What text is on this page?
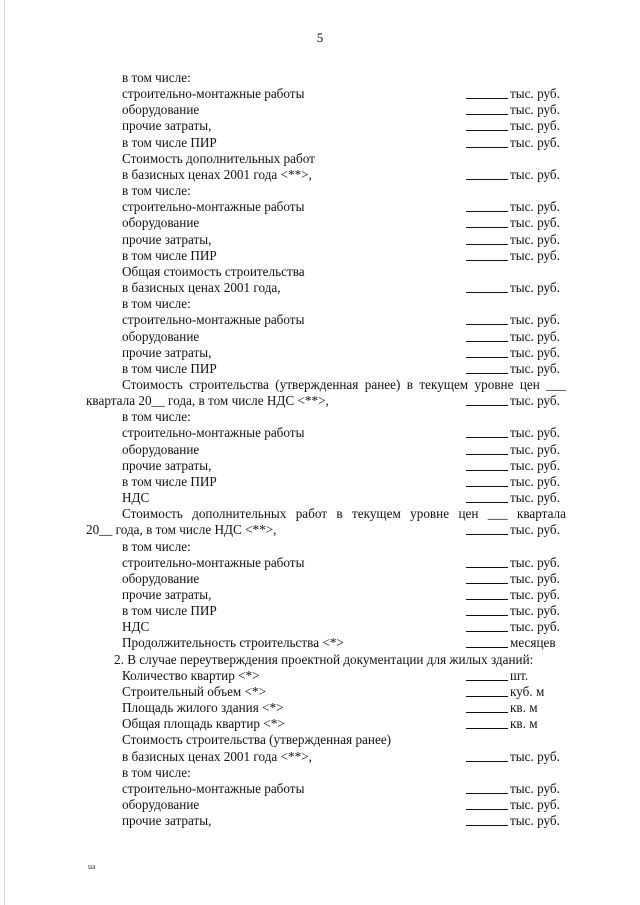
5
в том числе:
строительно-монтажные работы	тыс. руб.
оборудование	тыс. руб.
прочие затраты,	тыс. руб.
в том числе ПИР	тыс. руб.
Стоимость дополнительных работ
в базисных ценах 2001 года <**>,	тыс. руб.
в том числе:
строительно-монтажные работы	тыс. руб.
оборудование	тыс. руб.
прочие затраты,	тыс. руб.
в том числе ПИР	тыс. руб.
Общая стоимость строительства
в базисных ценах 2001 года,	тыс. руб.
в том числе:
строительно-монтажные работы	тыс. руб.
оборудование	тыс. руб.
прочие затраты,	тыс. руб.
в том числе ПИР	тыс. руб.
Стоимость строительства (утвержденная ранее) в текущем уровне цен ___
квартала 20__ года, в том числе НДС <**>,	тыс. руб.
в том числе:
строительно-монтажные работы	тыс. руб.
оборудование	тыс. руб.
прочие затраты,	тыс. руб.
в том числе ПИР	тыс. руб.
НДС	тыс. руб.
Стоимость дополнительных работ в текущем уровне цен ___ квартала
20__ года, в том числе НДС <**>,	тыс. руб.
в том числе:
строительно-монтажные работы	тыс. руб.
оборудование	тыс. руб.
прочие затраты,	тыс. руб.
в том числе ПИР	тыс. руб.
НДС	тыс. руб.
Продолжительность строительства <*>	месяцев
2. В случае переутверждения проектной документации для жилых зданий:
Количество квартир <*>	шт.
Строительный объем <*>	куб. м
Площадь жилого здания <*>	кв. м
Общая площадь квартир <*>	кв. м
Стоимость строительства (утвержденная ранее)
в базисных ценах 2001 года <**>,	тыс. руб.
в том числе:
строительно-монтажные работы	тыс. руб.
оборудование	тыс. руб.
прочие затраты,	тыс. руб.
ua
